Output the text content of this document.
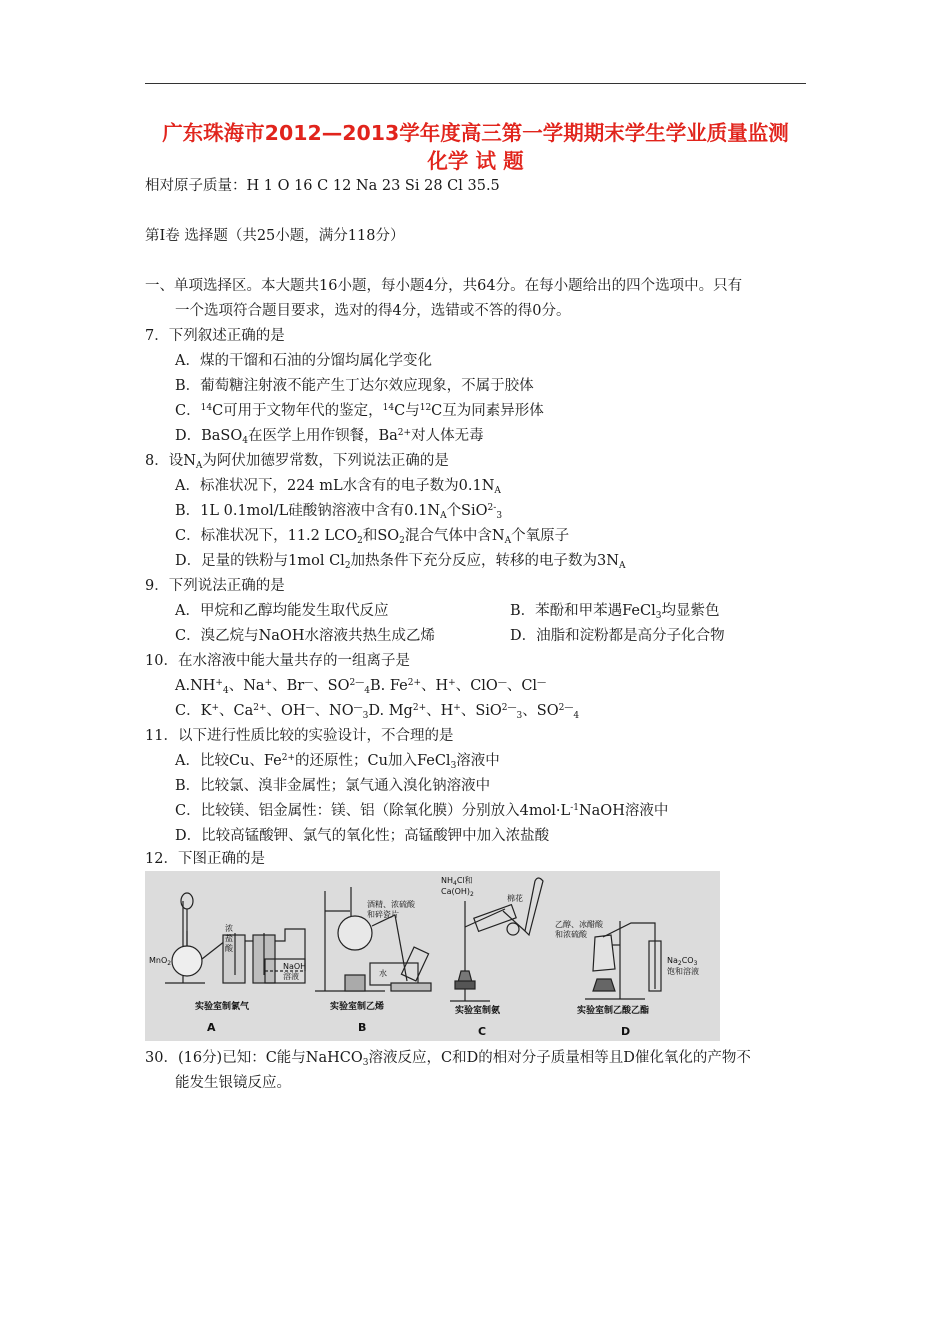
广东珠海市2012—2013学年度高三第一学期期末学生学业质量监测
化学 试 题
相对原子质量：H 1 O 16 C 12 Na 23 Si 28 Cl 35.5
第Ⅰ卷 选择题（共25小题，满分118分）
一、单项选择区。本大题共16小题，每小题4分，共64分。在每小题给出的四个选项中。只有
一个选项符合题目要求，选对的得4分，选错或不答的得0分。
7．下列叙述正确的是
A．煤的干馏和石油的分馏均属化学变化
B．葡萄糖注射液不能产生丁达尔效应现象，不属于胶体
C．$^{14}$C可用于文物年代的鉴定，$^{14}$C与$^{12}$C互为同素异形体
D．BaSO$_4$在医学上用作钡餐，$Ba^{2+}$对人体无毒
8．设$N_A$为阿伏加德罗常数，下列说法正确的是
A．标准状况下，224 mL水含有的电子数为$0.1N_A$
B．1L 0.1mol/L硅酸钠溶液中含有$0.1N_A$个SiO$^{2-}_3$
C．标准状况下，11.2 $LCO_2$和$SO_2$混合气体中含$N_A$个氧原子
D．足量的铁粉与1mol $Cl_2$加热条件下充分反应，转移的电子数为$3N_A$
9．下列说法正确的是
A．甲烷和乙醇均能发生取代反应	B．苯酚和甲苯遇FeCl$_3$均显紫色
C．溴乙烷与NaOH水溶液共热生成乙烯	D．油脂和淀粉都是高分子化合物
10．在水溶液中能大量共存的一组离子是
$A.NH^+_4$、Na+、Br—、$SO^{2—}_4B$. $Fe^{2+}$、H+、ClO—、Cl—
C．K+、$Ca^{2+}$、OH—、$NO^—_3D$. $Mg^{2+}$、H+、SiO$^{2—}_3$、$SO^{2—}_4$
11．以下进行性质比较的实验设计，不合理的是
A．比较Cu、$Fe^{2+}$的还原性；Cu加入FeCl$_3$溶液中
B．比较氯、溴非金属性；氯气通入溴化钠溶液中
C．比较镁、铝金属性：镁、铝（除氧化膜）分别放入$4mol\cdot L^{-1}NaOH$溶液中
D．比较高锰酸钾、氯气的氧化性；高锰酸钾中加入浓盐酸
12．下图正确的是
MnO$_2$
浓
盐
酸
NaOH
溶液
实验室制氯气
A
酒精、浓硫酸
和碎瓷片
水
实验室制乙烯
B
$NH_4Cl$和
$Ca(OH)_2$	棉花
实验室制氨
C
乙醇、冰醋酸
和浓硫酸
$Na_2CO_3$
饱和溶液
实验室制乙酸乙酯
D
30．(16分)已知：C能与NaHCO$_3$溶液反应，C和D的相对分子质量相等且D催化氧化的产物不
能发生银镜反应。
